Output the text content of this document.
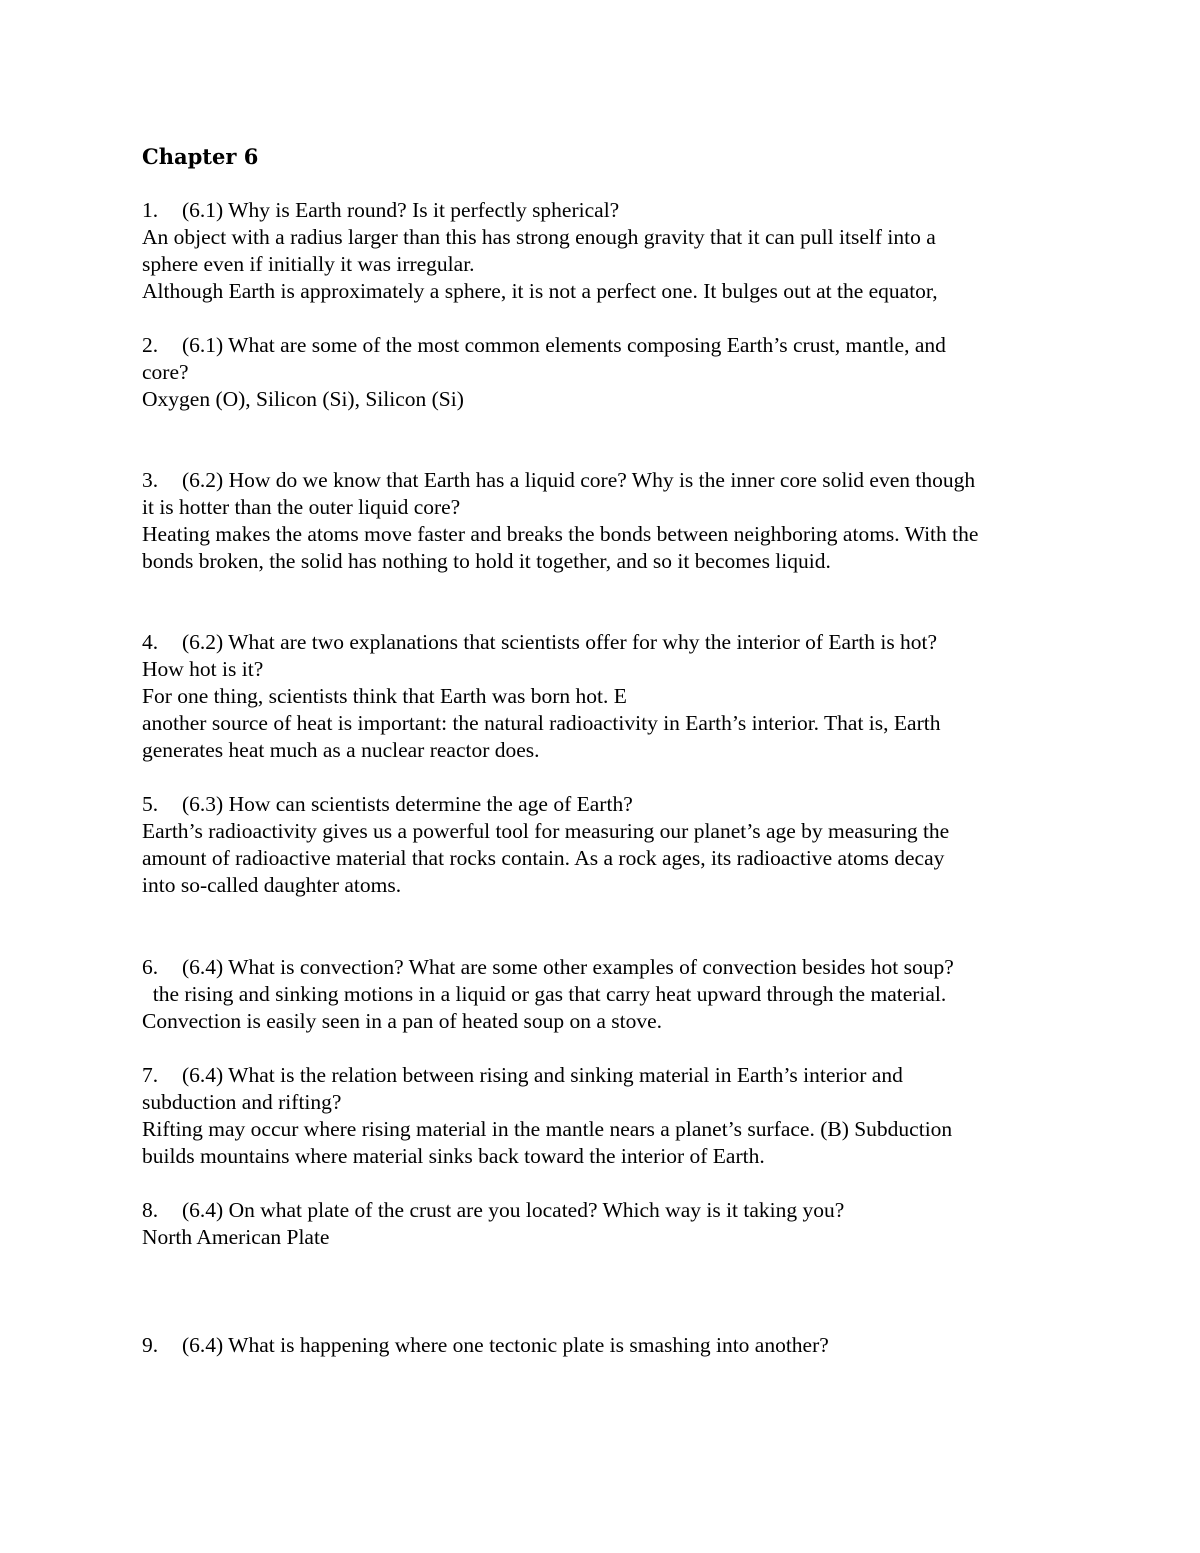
Chapter 6
1. (6.1) Why is Earth round? Is it perfectly spherical?
An object with a radius larger than this has strong enough gravity that it can pull itself into a
sphere even if initially it was irregular.
Although Earth is approximately a sphere, it is not a perfect one. It bulges out at the equator,
2. (6.1) What are some of the most common elements composing Earth’s crust, mantle, and
core?
Oxygen (O), Silicon (Si), Silicon (Si)
3. (6.2) How do we know that Earth has a liquid core? Why is the inner core solid even though
it is hotter than the outer liquid core?
Heating makes the atoms move faster and breaks the bonds between neighboring atoms. With the
bonds broken, the solid has nothing to hold it together, and so it becomes liquid.
4. (6.2) What are two explanations that scientists offer for why the interior of Earth is hot?
How hot is it?
For one thing, scientists think that Earth was born hot. E
another source of heat is important: the natural radioactivity in Earth’s interior. That is, Earth
generates heat much as a nuclear reactor does.
5. (6.3) How can scientists determine the age of Earth?
Earth’s radioactivity gives us a powerful tool for measuring our planet’s age by measuring the
amount of radioactive material that rocks contain. As a rock ages, its radioactive atoms decay
into so-called daughter atoms.
6. (6.4) What is convection? What are some other examples of convection besides hot soup?
the rising and sinking motions in a liquid or gas that carry heat upward through the material.
Convection is easily seen in a pan of heated soup on a stove.
7. (6.4) What is the relation between rising and sinking material in Earth’s interior and
subduction and rifting?
Rifting may occur where rising material in the mantle nears a planet’s surface. (B) Subduction
builds mountains where material sinks back toward the interior of Earth.
8. (6.4) On what plate of the crust are you located? Which way is it taking you?
North American Plate
9. (6.4) What is happening where one tectonic plate is smashing into another?
